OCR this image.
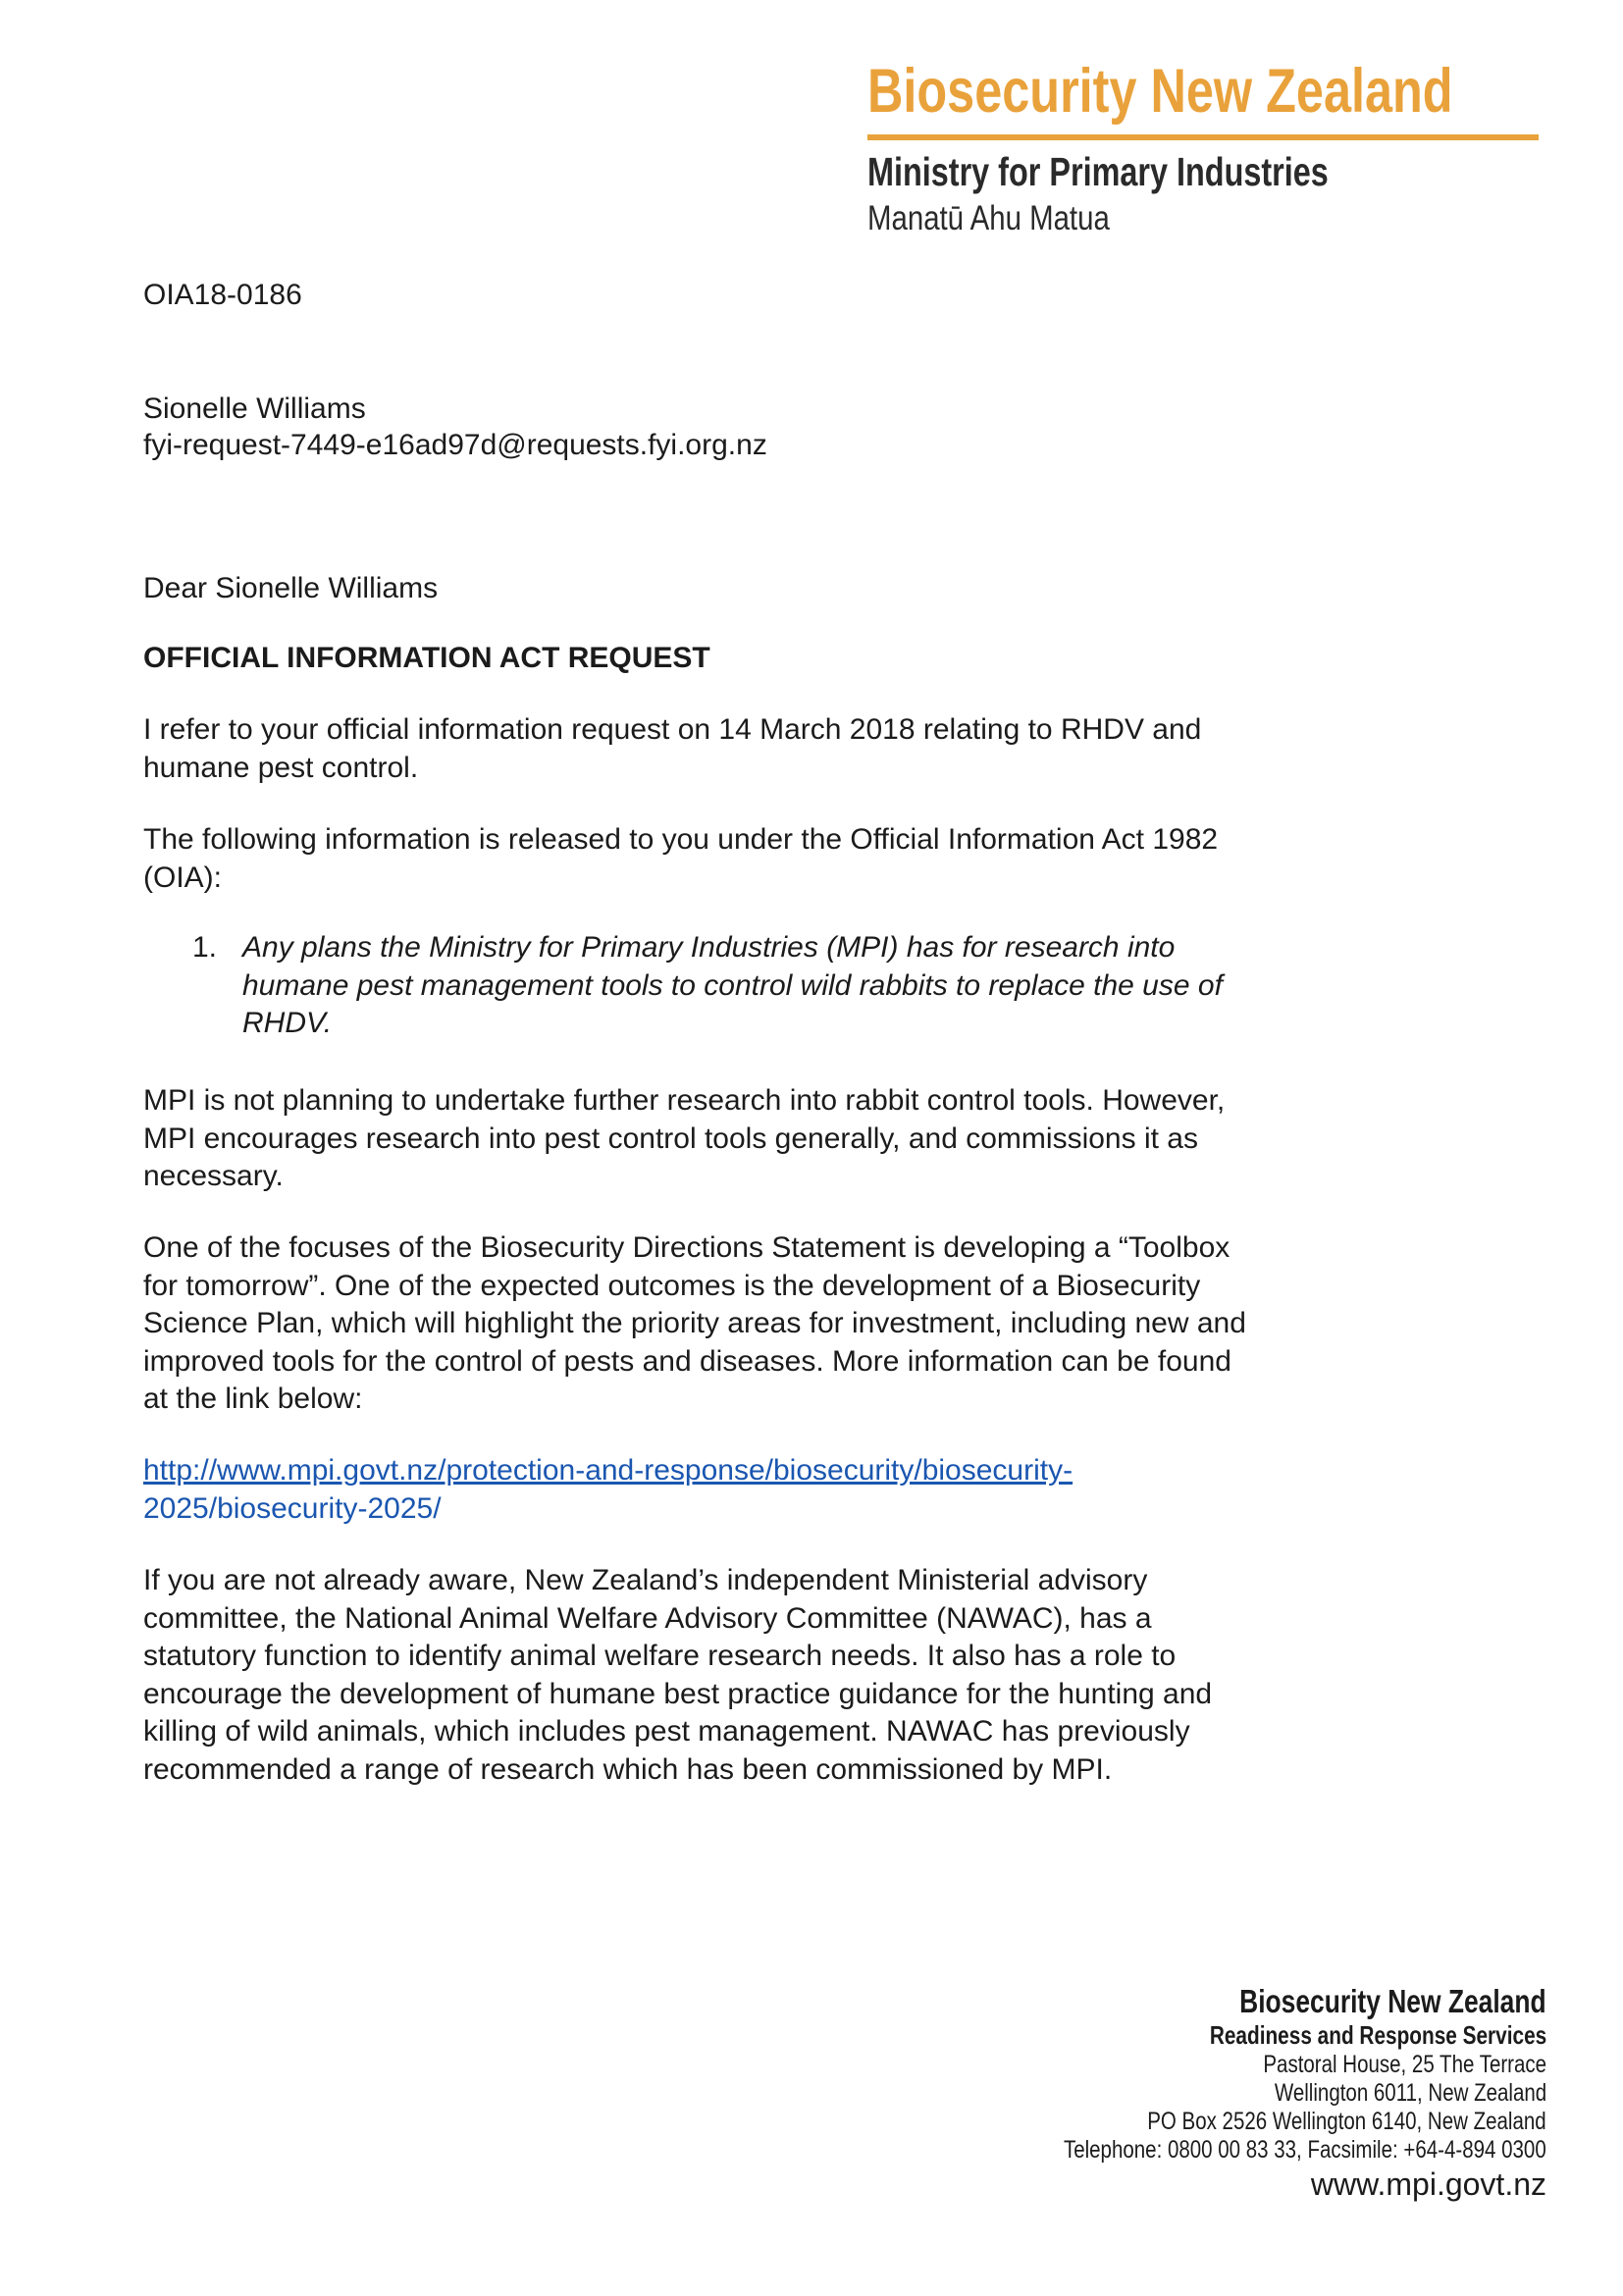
Biosecurity New Zealand
Ministry for Primary Industries
Manatū Ahu Matua
OIA18-0186
Sionelle Williams
fyi-request-7449-e16ad97d@requests.fyi.org.nz
Dear Sionelle Williams
OFFICIAL INFORMATION ACT REQUEST
I refer to your official information request on 14 March 2018 relating to RHDV and
humane pest control.
The following information is released to you under the Official Information Act 1982
(OIA):
1. Any plans the Ministry for Primary Industries (MPI) has for research into
humane pest management tools to control wild rabbits to replace the use of
RHDV.
MPI is not planning to undertake further research into rabbit control tools. However,
MPI encourages research into pest control tools generally, and commissions it as
necessary.
One of the focuses of the Biosecurity Directions Statement is developing a “Toolbox
for tomorrow”. One of the expected outcomes is the development of a Biosecurity
Science Plan, which will highlight the priority areas for investment, including new and
improved tools for the control of pests and diseases. More information can be found
at the link below:
http://www.mpi.govt.nz/protection-and-response/biosecurity/biosecurity-
2025/biosecurity-2025/
If you are not already aware, New Zealand’s independent Ministerial advisory
committee, the National Animal Welfare Advisory Committee (NAWAC), has a
statutory function to identify animal welfare research needs. It also has a role to
encourage the development of humane best practice guidance for the hunting and
killing of wild animals, which includes pest management. NAWAC has previously
recommended a range of research which has been commissioned by MPI.
Biosecurity New Zealand
Readiness and Response Services
Pastoral House, 25 The Terrace
Wellington 6011, New Zealand
PO Box 2526 Wellington 6140, New Zealand
Telephone: 0800 00 83 33, Facsimile: +64-4-894 0300
www.mpi.govt.nz
